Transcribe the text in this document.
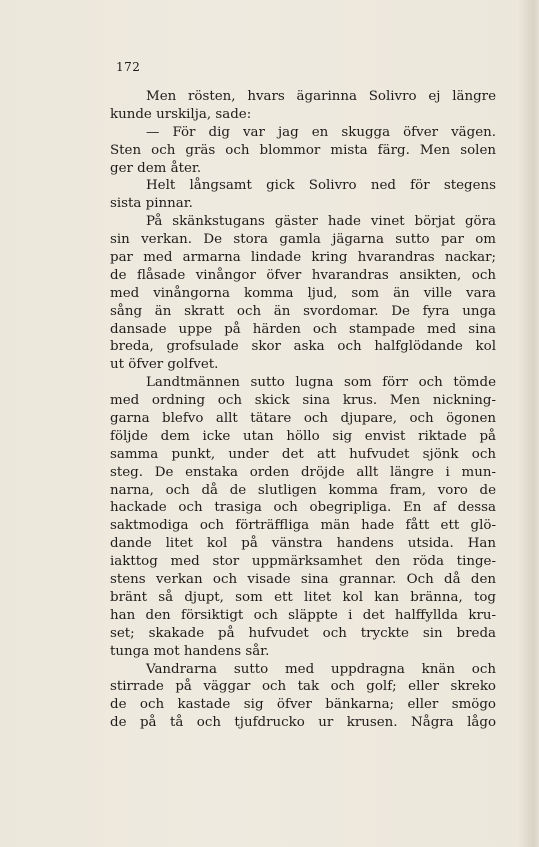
172
Men rösten, hvars ägarinna Solivro ej längre
kunde urskilja, sade:
— För dig var jag en skugga öfver vägen.
Sten och gräs och blommor mista färg. Men solen
ger dem åter.
Helt långsamt gick Solivro ned för stegens
sista pinnar.
På skänkstugans gäster hade vinet börjat göra
sin verkan. De stora gamla jägarna sutto par om
par med armarna lindade kring hvarandras nackar;
de flåsade vinångor öfver hvarandras ansikten, och
med vinångorna komma ljud, som än ville vara
sång än skratt och än svordomar. De fyra unga
dansade uppe på härden och stampade med sina
breda, grofsulade skor aska och halfglödande kol
ut öfver golfvet.
Landtmännen sutto lugna som förr och tömde
med ordning och skick sina krus. Men nickning-
garna blefvo allt tätare och djupare, och ögonen
följde dem icke utan höllo sig envist riktade på
samma punkt, under det att hufvudet sjönk och
steg. De enstaka orden dröjde allt längre i mun-
narna, och då de slutligen komma fram, voro de
hackade och trasiga och obegripliga. En af dessa
saktmodiga och förträffliga män hade fått ett glö-
dande litet kol på vänstra handens utsida. Han
iakttog med stor uppmärksamhet den röda tinge-
stens verkan och visade sina grannar. Och då den
bränt så djupt, som ett litet kol kan bränna, tog
han den försiktigt och släppte i det halffyllda kru-
set; skakade på hufvudet och tryckte sin breda
tunga mot handens sår.
Vandrarna sutto med uppdragna knän och
stirrade på väggar och tak och golf; eller skreko
de och kastade sig öfver bänkarna; eller smögo
de på tå och tjufdrucko ur krusen. Några lågo
